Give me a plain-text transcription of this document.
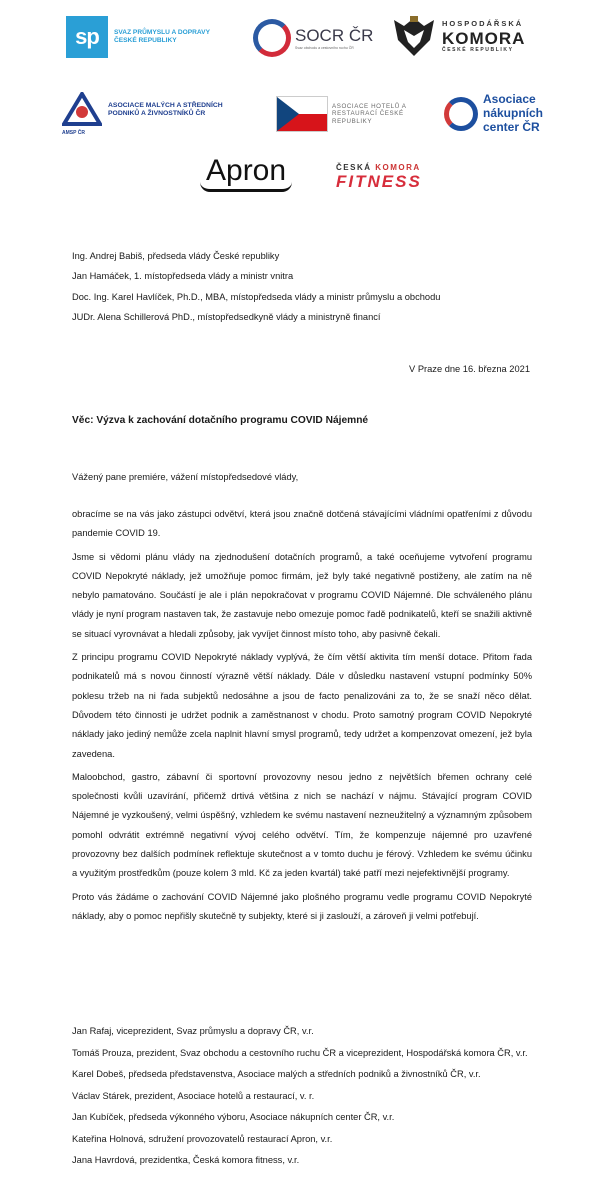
sp	SVAZ PRŮMYSLU A DOPRAVY ČESKÉ REPUBLIKY	SOCR ČR
Svaz obchodu a cestovního ruchu ČR
HOSPODÁŘSKÁ
KOMORA
ČESKÉ REPUBLIKY
ASOCIACE MALÝCH A STŘEDNÍCH PODNIKŮ A ŽIVNOSTNÍKŮ ČR
AMSP ČR
ASOCIACE HOTELŮ A RESTAURACÍ ČESKÉ REPUBLIKY
Asociace nákupních center ČR
Apron	ČESKÁ KOMORA
FITNESS
Ing. Andrej Babiš, předseda vlády České republiky
Jan Hamáček, 1. místopředseda vlády a ministr vnitra
Doc. Ing. Karel Havlíček, Ph.D., MBA, místopředseda vlády a ministr průmyslu a obchodu
JUDr. Alena Schillerová PhD., místopředsedkyně vlády a ministryně financí
V Praze dne 16. března 2021
Věc: Výzva k zachování dotačního programu COVID Nájemné
Vážený pane premiére, vážení místopředsedové vlády,

obracíme se na vás jako zástupci odvětví, která jsou značně dotčená stávajícími vládními opatřeními z důvodu pandemie COVID 19.

Jsme si vědomi plánu vlády na zjednodušení dotačních programů, a také oceňujeme vytvoření programu COVID Nepokryté náklady, jež umožňuje pomoc firmám, jež byly také negativně postiženy, ale zatím na ně nebylo pamatováno. Součástí je ale i plán nepokračovat v programu COVID Nájemné. Dle schváleného plánu vlády je nyní program nastaven tak, že zastavuje nebo omezuje pomoc řadě podnikatelů, kteří se snažili aktivně se situací vyrovnávat a hledali způsoby, jak vyvíjet činnost místo toho, aby pasivně čekali.

Z principu programu COVID Nepokryté náklady vyplývá, že čím větší aktivita tím menší dotace. Přitom řada podnikatelů má s novou činností výrazně větší náklady. Dále v důsledku nastavení vstupní podmínky 50% poklesu tržeb na ni řada subjektů nedosáhne a jsou de facto penalizováni za to, že se snaží něco dělat. Důvodem této činnosti je udržet podnik a zaměstnanost v chodu. Proto samotný program COVID Nepokryté náklady jako jediný nemůže zcela naplnit hlavní smysl programů, tedy udržet a kompenzovat omezení, jež byla zavedena.

Maloobchod, gastro, zábavní či sportovní provozovny nesou jedno z největších břemen ochrany celé společnosti kvůli uzavírání, přičemž drtivá většina z nich se nachází v nájmu. Stávající program COVID Nájemné je vyzkoušený, velmi úspěšný, vzhledem ke svému nastavení nezneužitelný a významným způsobem pomohl odvrátit extrémně negativní vývoj celého odvětví. Tím, že kompenzuje nájemné pro uzavřené provozovny bez dalších podmínek reflektuje skutečnost a v tomto duchu je férový. Vzhledem ke svému účinku a využitým prostředkům (pouze kolem 3 mld. Kč za jeden kvartál) také patří mezi nejefektivnější programy.

Proto vás žádáme o zachování COVID Nájemné jako plošného programu vedle programu COVID Nepokryté náklady, aby o pomoc nepřišly skutečně ty subjekty, které si ji zaslouží, a zároveň ji velmi potřebují.

Jan Rafaj, viceprezident, Svaz průmyslu a dopravy ČR, v.r.
Tomáš Prouza, prezident, Svaz obchodu a cestovního ruchu ČR a viceprezident, Hospodářská komora ČR, v.r.
Karel Dobeš, předseda představenstva, Asociace malých a středních podniků a živnostníků ČR, v.r.
Václav Stárek, prezident, Asociace hotelů a restaurací, v. r.
Jan Kubíček, předseda výkonného výboru, Asociace nákupních center ČR, v.r.
Kateřina Holnová, sdružení provozovatelů restaurací Apron, v.r.
Jana Havrdová, prezidentka, Česká komora fitness, v.r.
